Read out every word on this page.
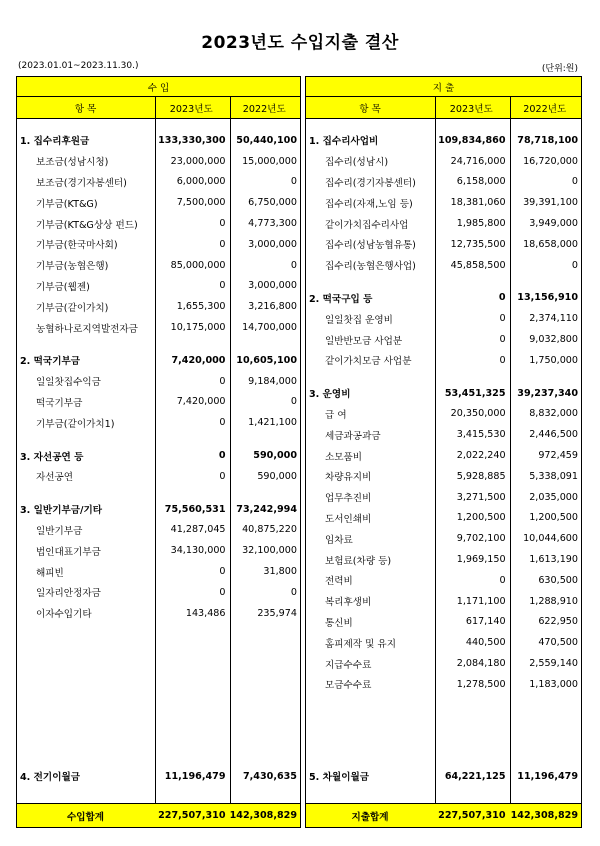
2023년도 수입지출 결산
(2023.01.01~2023.11.30.)	(단위:원)
수 입
항 목	2023년도	2022년도
1. 집수리후원금	133,330,300	50,440,100
보조금(성남시청)	23,000,000	15,000,000
보조금(경기자봉센터)	6,000,000	0
기부금(KT&G)	7,500,000	6,750,000
기부금(KT&G상상 펀드)	0	4,773,300
기부금(한국마사회)	0	3,000,000
기부금(농협은행)	85,000,000	0
기부금(웹젠)	0	3,000,000
기부금(같이가치)	1,655,300	3,216,800
농협하나로지역발전자금	10,175,000	14,700,000
2. 떡국기부금	7,420,000	10,605,100
일일찻집수익금	0	9,184,000
떡국기부금	7,420,000	0
기부금(같이가치1)	0	1,421,100
3. 자선공연 등	0	590,000
자선공연	0	590,000
3. 일반기부금/기타	75,560,531	73,242,994
일반기부금	41,287,045	40,875,220
법인대표기부금	34,130,000	32,100,000
해피빈	0	31,800
일자리안정자금	0	0
이자수입기타	143,486	235,974
4. 전기이월금	11,196,479	7,430,635
수입합계	227,507,310 142,308,829
지 출
항 목	2023년도	2022년도
1. 집수리사업비	109,834,860	78,718,100
집수리(성남시)	24,716,000	16,720,000
집수리(경기자봉센터)	6,158,000	0
집수리(자재,노임 등)	18,381,060	39,391,100
같이가치집수리사업	1,985,800	3,949,000
집수리(성남농협유통)	12,735,500	18,658,000
집수리(농협은행사업)	45,858,500	0
2. 떡국구입 등	0	13,156,910
일일찻집 운영비	0	2,374,110
일반반모금 사업분	0	9,032,800
같이가치모금 사업분	0	1,750,000
3. 운영비	53,451,325	39,237,340
급 여	20,350,000	8,832,000
세금과공과금	3,415,530	2,446,500
소모품비	2,022,240	972,459
차량유지비	5,928,885	5,338,091
업무추진비	3,271,500	2,035,000
도서인쇄비	1,200,500	1,200,500
임차료	9,702,100	10,044,600
보험료(차량 등)	1,969,150	1,613,190
전력비	0	630,500
복리후생비	1,171,100	1,288,910
통신비	617,140	622,950
홈피제작 및 유지	440,500	470,500
지급수수료	2,084,180	2,559,140
모금수수료	1,278,500	1,183,000
5. 차월이월금	64,221,125	11,196,479
지출합계	227,507,310 142,308,829
